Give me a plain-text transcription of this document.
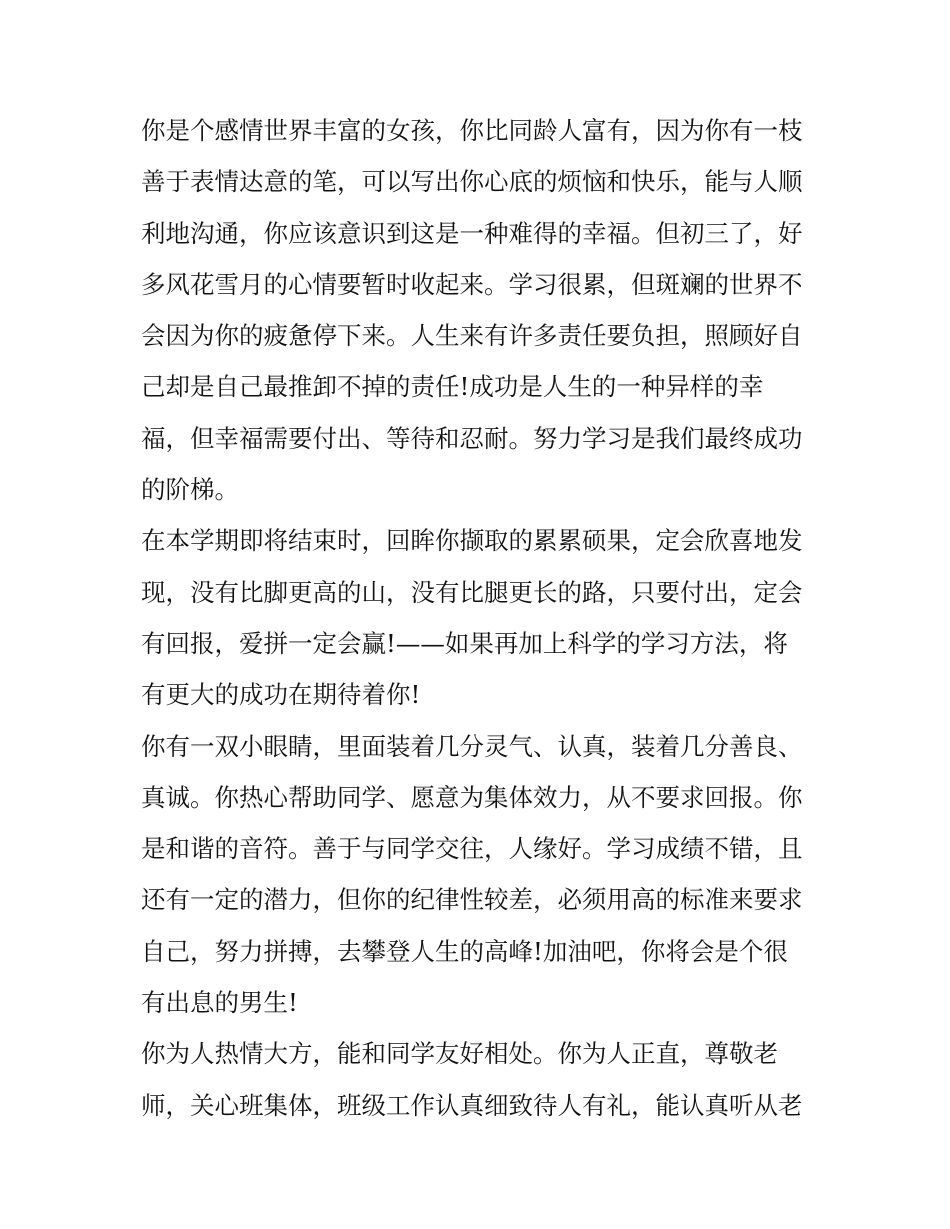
你是个感情世界丰富的女孩，你比同龄人富有，因为你有一枝
善于表情达意的笔，可以写出你心底的烦恼和快乐，能与人顺
利地沟通，你应该意识到这是一种难得的幸福。但初三了，好
多风花雪月的心情要暂时收起来。学习很累，但斑斓的世界不
会因为你的疲惫停下来。人生来有许多责任要负担，照顾好自
己却是自己最推卸不掉的责任!成功是人生的一种异样的幸
福，但幸福需要付出、等待和忍耐。努力学习是我们最终成功
的阶梯。
在本学期即将结束时，回眸你撷取的累累硕果，定会欣喜地发
现，没有比脚更高的山，没有比腿更长的路，只要付出，定会
有回报，爱拼一定会赢!——如果再加上科学的学习方法，将
有更大的成功在期待着你!
你有一双小眼睛，里面装着几分灵气、认真，装着几分善良、
真诚。你热心帮助同学、愿意为集体效力，从不要求回报。你
是和谐的音符。善于与同学交往，人缘好。学习成绩不错，且
还有一定的潜力，但你的纪律性较差，必须用高的标准来要求
自己，努力拼搏，去攀登人生的高峰!加油吧，你将会是个很
有出息的男生!
你为人热情大方，能和同学友好相处。你为人正直，尊敬老
师，关心班集体，班级工作认真细致待人有礼，能认真听从老
